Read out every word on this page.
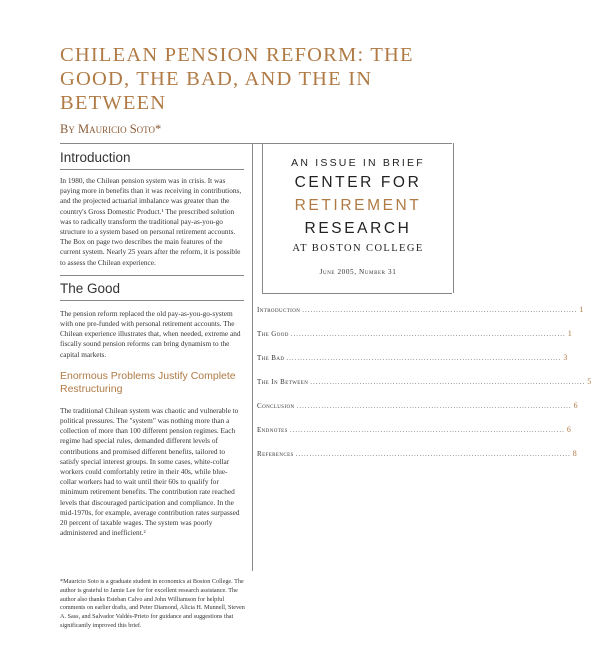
CHILEAN PENSION REFORM: THE GOOD, THE BAD, AND THE IN BETWEEN

By Mauricio Soto*

Introduction

In 1980, the Chilean pension system was in crisis. It was paying more in benefits than it was receiving in contributions, and the projected actuarial imbalance was greater than the country's Gross Domestic Product.¹ The prescribed solution was to radically transform the traditional pay-as-you-go structure to a system based on personal retirement accounts. The Box on page two describes the main features of the current system. Nearly 25 years after the reform, it is possible to assess the Chilean experience.

The Good

The pension reform replaced the old pay-as-you-go-system with one pre-funded with personal retirement accounts. The Chilean experience illustrates that, when needed, extreme and fiscally sound pension reforms can bring dynamism to the capital markets.

Enormous Problems Justify Complete Restructuring

The traditional Chilean system was chaotic and vulnerable to political pressures. The "system" was nothing more than a collection of more than 100 different pension regimes. Each regime had special rules, demanded different levels of contributions and promised different benefits, tailored to satisfy special interest groups. In some cases, white-collar workers could comfortably retire in their 40s, while blue-collar workers had to wait until their 60s to qualify for minimum retirement benefits. The contribution rate reached levels that discouraged participation and compliance. In the mid-1970s, for example, average contribution rates surpassed 20 percent of taxable wages. The system was poorly administered and inefficient.²

*Mauricio Soto is a graduate student in economics at Boston College. The author is grateful to Jamie Lee for for excellent research assistance. The author also thanks Esteban Calvo and John Williamson for helpful comments on earlier drafts, and Peter Diamond, Alicia H. Munnell, Steven A. Sass, and Salvador Valdés-Prieto for guidance and suggestions that significantly improved this brief.

AN ISSUE IN BRIEF
CENTER FOR
RETIREMENT
RESEARCH
AT BOSTON COLLEGE
June 2005, Number 31
Introduction .................................................................................................... 1
The Good .................................................................................................... 1
The Bad .................................................................................................... 3
The In Between .................................................................................................... 5
Conclusion .................................................................................................... 6
Endnotes .................................................................................................... 6
References .................................................................................................... 8
